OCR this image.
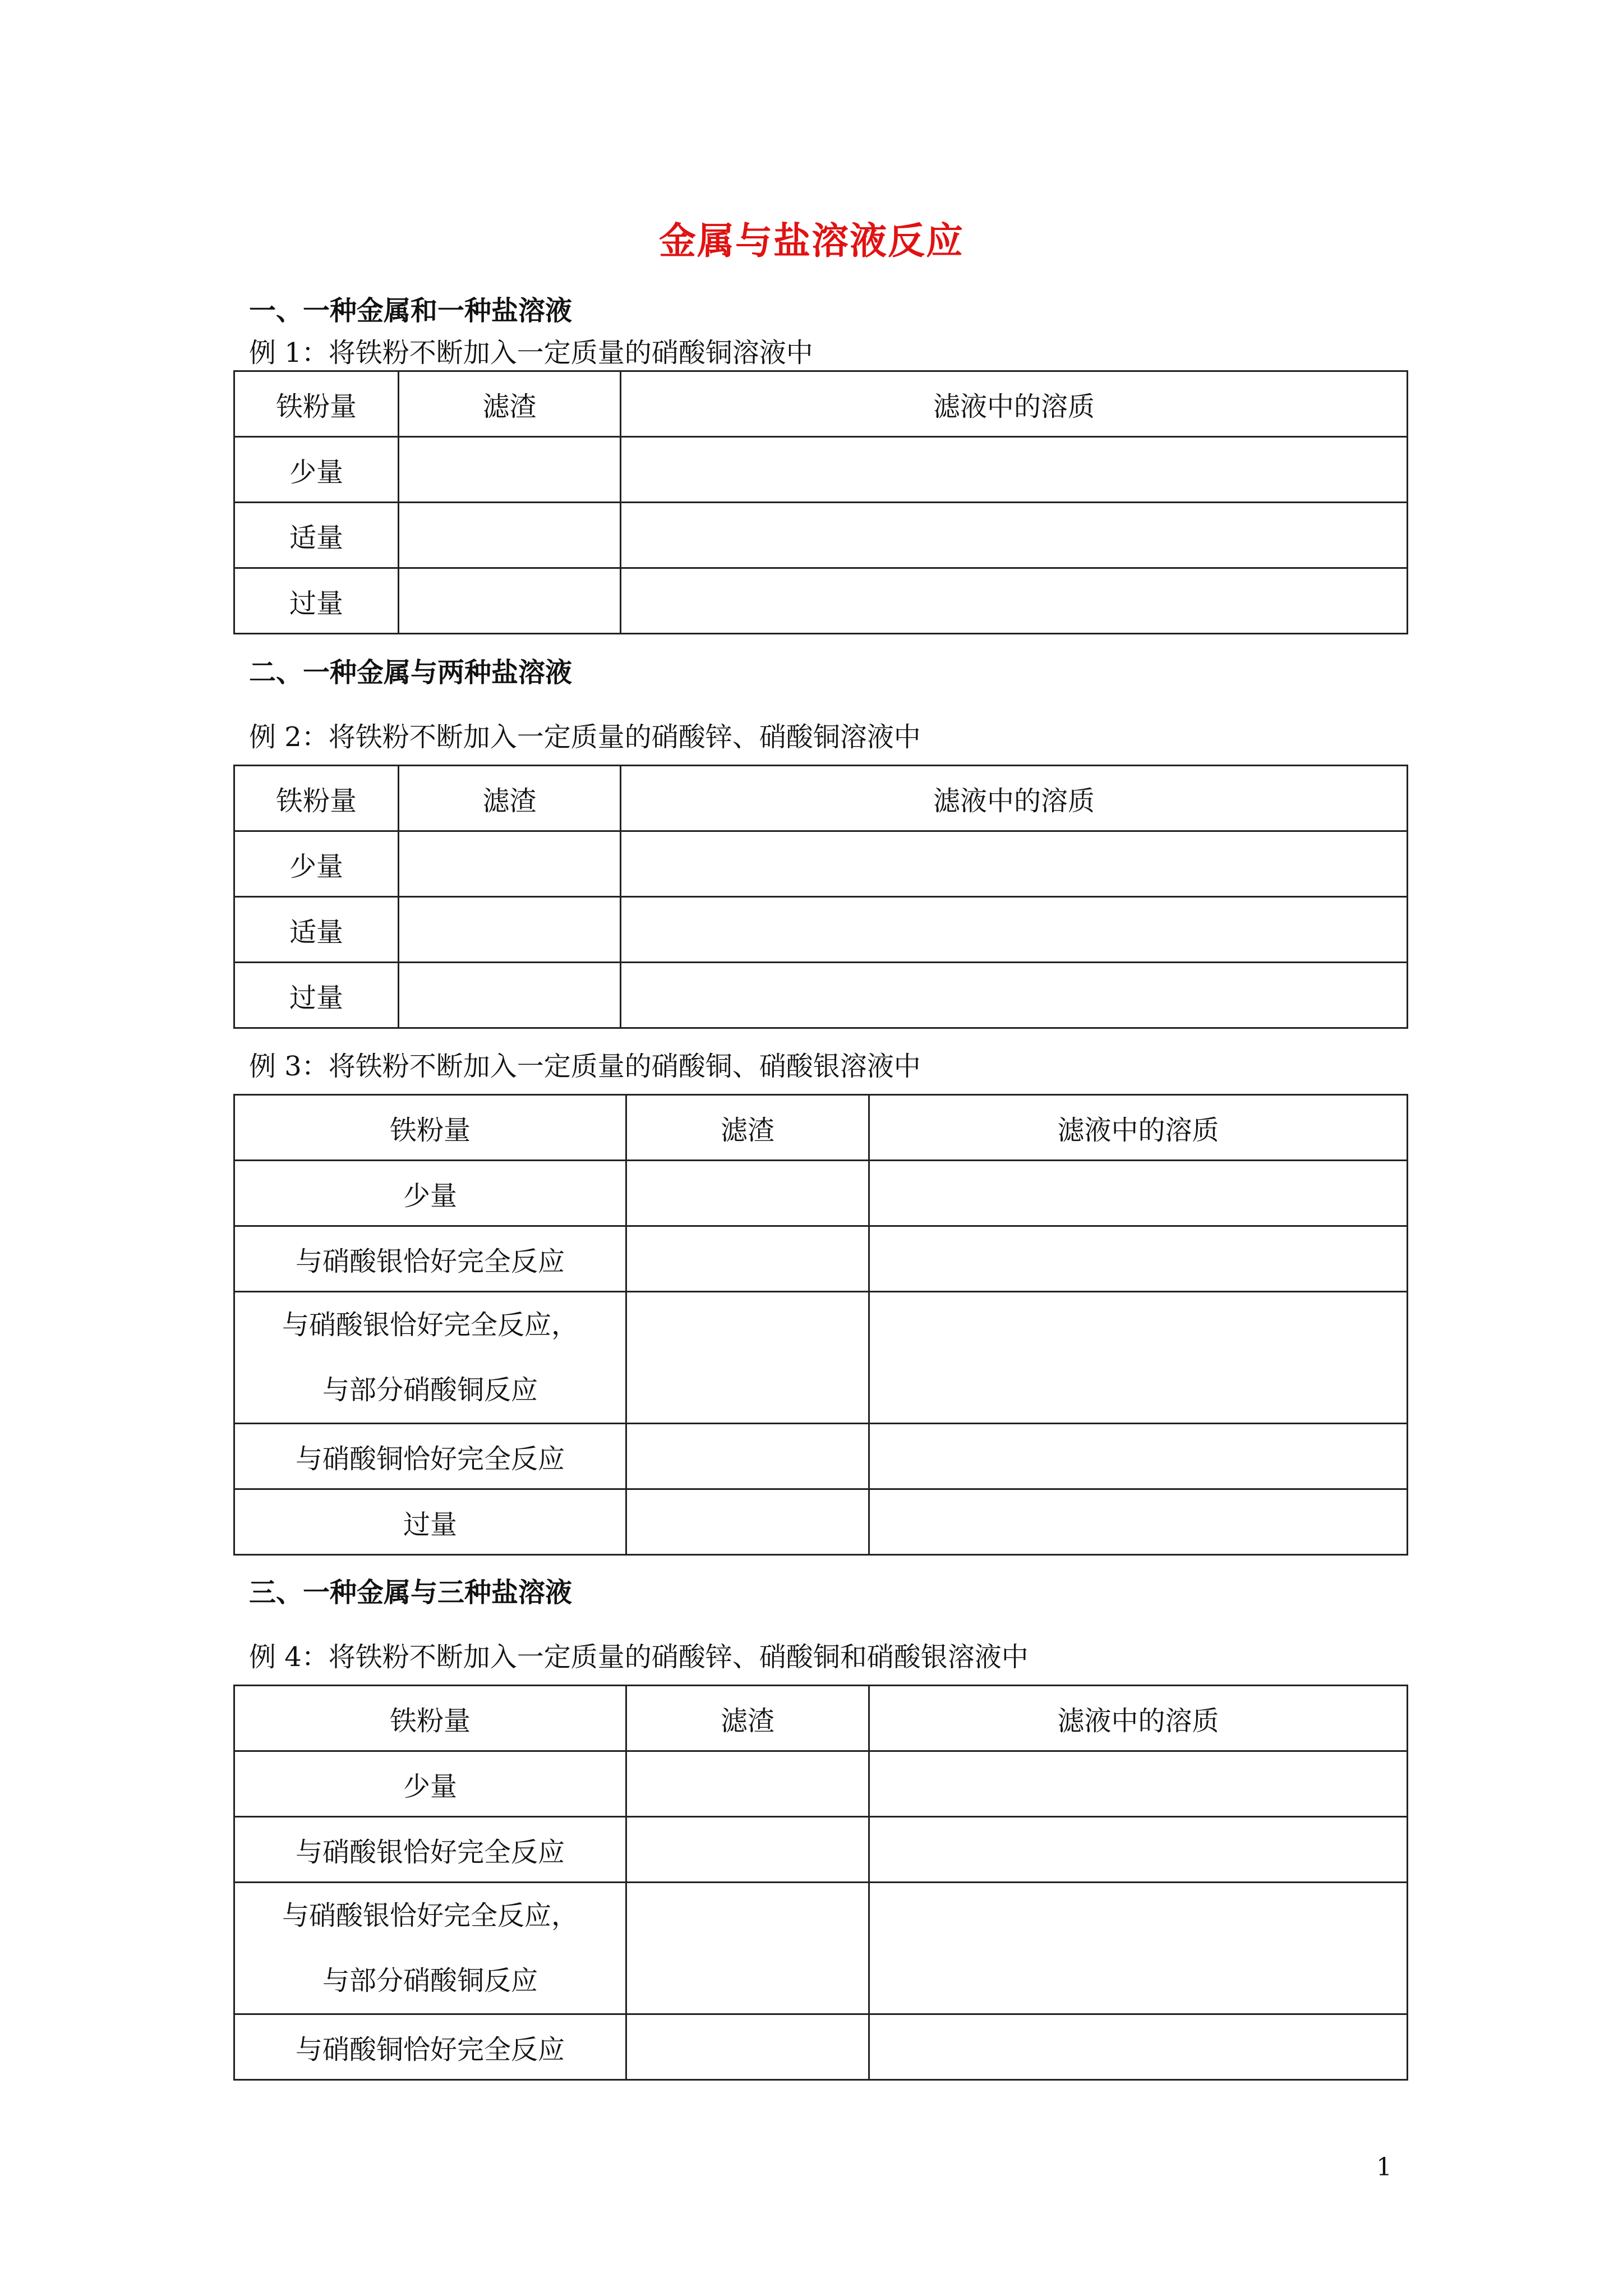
金属与盐溶液反应
一、一种金属和一种盐溶液
例 1：将铁粉不断加入一定质量的硝酸铜溶液中
铁粉量	滤渣	滤液中的溶质
少量		
适量		
过量		
二、一种金属与两种盐溶液
例 2：将铁粉不断加入一定质量的硝酸锌、硝酸铜溶液中
铁粉量	滤渣	滤液中的溶质
少量		
适量		
过量		
例 3：将铁粉不断加入一定质量的硝酸铜、硝酸银溶液中
铁粉量	滤渣	滤液中的溶质
少量		
与硝酸银恰好完全反应		

与硝酸银恰好完全反应，
与部分硝酸铜反应		

与硝酸铜恰好完全反应		
过量		
三、一种金属与三种盐溶液
例 4：将铁粉不断加入一定质量的硝酸锌、硝酸铜和硝酸银溶液中
铁粉量	滤渣	滤液中的溶质
少量		
与硝酸银恰好完全反应		

与硝酸银恰好完全反应，
与部分硝酸铜反应		

与硝酸铜恰好完全反应		
1
